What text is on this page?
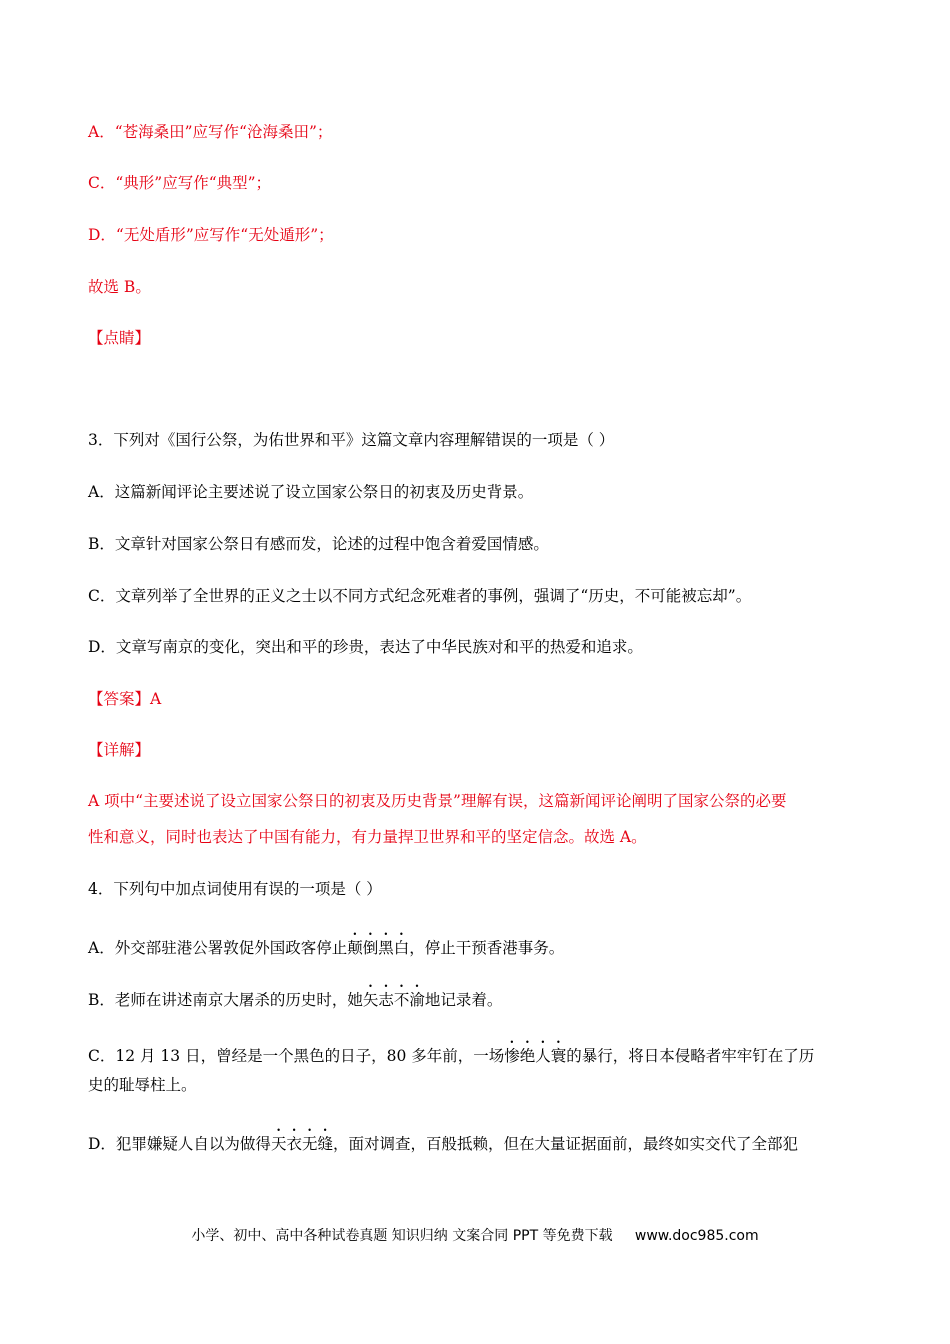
A．“苍海桑田”应写作“沧海桑田”；
C．“典形”应写作“典型”；
D．“无处盾形”应写作“无处遁形”；
故选 B。
【点睛】
3．下列对《国行公祭，为佑世界和平》这篇文章内容理解错误的一项是（ ）
A．这篇新闻评论主要述说了设立国家公祭日的初衷及历史背景。
B．文章针对国家公祭日有感而发，论述的过程中饱含着爱国情感。
C．文章列举了全世界的正义之士以不同方式纪念死难者的事例，强调了“历史，不可能被忘却”。
D．文章写南京的变化，突出和平的珍贵，表达了中华民族对和平的热爱和追求。
【答案】A
【详解】
A 项中“主要述说了设立国家公祭日的初衷及历史背景”理解有误，这篇新闻评论阐明了国家公祭的必要
性和意义，同时也表达了中国有能力，有力量捍卫世界和平的坚定信念。故选 A。
4．下列句中加点词使用有误的一项是（ ）
A．外交部驻港公署敦促外国政客停止颠倒黑白，停止干预香港事务。
B．老师在讲述南京大屠杀的历史时，她矢志不渝地记录着。
C．12 月 13 日，曾经是一个黑色的日子，80 多年前，一场惨绝人寰的暴行，将日本侵略者牢牢钉在了历
史的耻辱柱上。
D．犯罪嫌疑人自以为做得天衣无缝，面对调查，百般抵赖，但在大量证据面前，最终如实交代了全部犯
小学、初中、高中各种试卷真题 知识归纳 文案合同 PPT 等免费下载 www.doc985.com
